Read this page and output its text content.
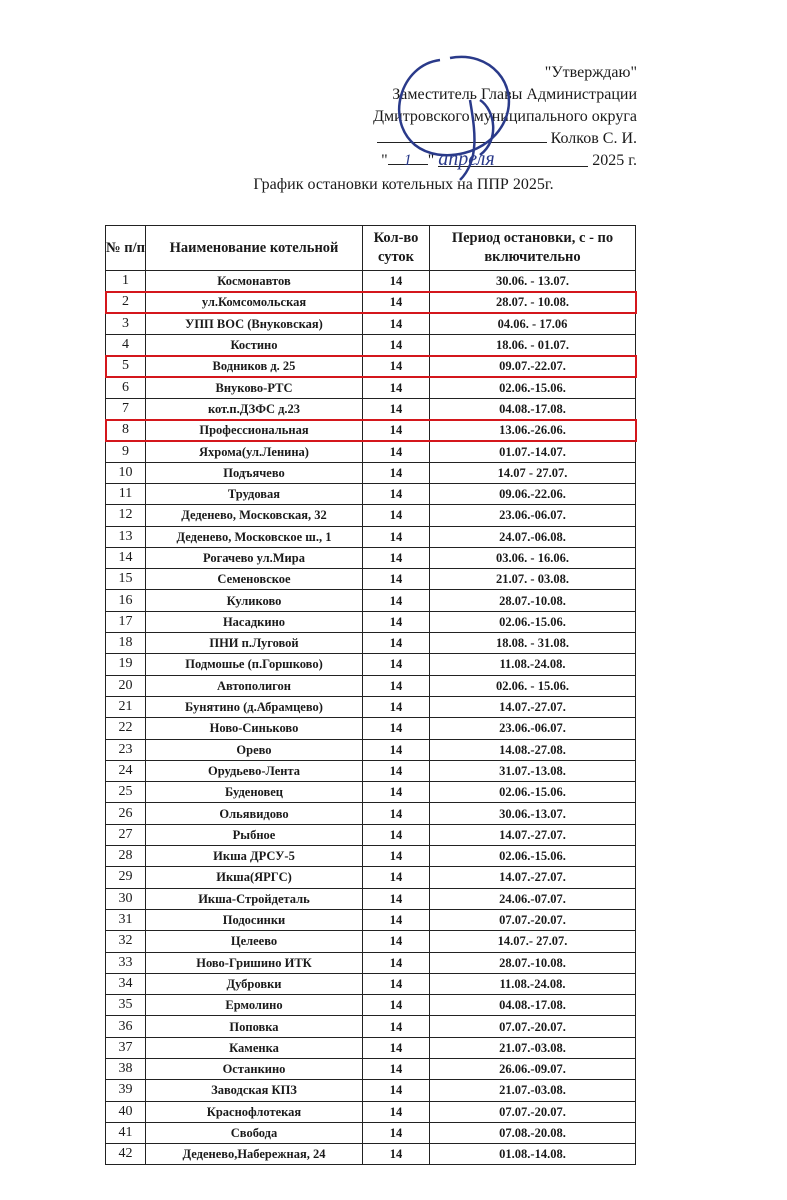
"Утверждаю"
Заместитель Главы Администрации
Дмитровского муниципального округа
Колков С. И.
" 1 " апреля	2025 г.
График остановки котельных на ППР 2025г.
№ п/п	Наименование котельной	Кол-во суток	Период остановки, с - по включительно
1	Космонавтов	14	30.06. - 13.07.
2	ул.Комсомольская	14	28.07. - 10.08.
3	УПП ВОС (Внуковская)	14	04.06. - 17.06
4	Костино	14	18.06. - 01.07.
5	Водников д. 25	14	09.07.-22.07.
6	Внуково-РТС	14	02.06.-15.06.
7	кот.п.ДЗФС д.23	14	04.08.-17.08.
8	Профессиональная	14	13.06.-26.06.
9	Яхрома(ул.Ленина)	14	01.07.-14.07.
10	Подъячево	14	14.07 - 27.07.
11	Трудовая	14	09.06.-22.06.
12	Деденево, Московская, 32	14	23.06.-06.07.
13	Деденево, Московское ш., 1	14	24.07.-06.08.
14	Рогачево ул.Мира	14	03.06. - 16.06.
15	Семеновское	14	21.07. - 03.08.
16	Куликово	14	28.07.-10.08.
17	Насадкино	14	02.06.-15.06.
18	ПНИ п.Луговой	14	18.08. - 31.08.
19	Подмошье (п.Горшково)	14	11.08.-24.08.
20	Автополигон	14	02.06. - 15.06.
21	Бунятино (д.Абрамцево)	14	14.07.-27.07.
22	Ново-Синьково	14	23.06.-06.07.
23	Орево	14	14.08.-27.08.
24	Орудьево-Лента	14	31.07.-13.08.
25	Буденовец	14	02.06.-15.06.
26	Ольявидово	14	30.06.-13.07.
27	Рыбное	14	14.07.-27.07.
28	Икша ДРСУ-5	14	02.06.-15.06.
29	Икша(ЯРГС)	14	14.07.-27.07.
30	Икша-Стройдеталь	14	24.06.-07.07.
31	Подосинки	14	07.07.-20.07.
32	Целеево	14	14.07.- 27.07.
33	Ново-Гришино ИТК	14	28.07.-10.08.
34	Дубровки	14	11.08.-24.08.
35	Ермолино	14	04.08.-17.08.
36	Поповка	14	07.07.-20.07.
37	Каменка	14	21.07.-03.08.
38	Останкино	14	26.06.-09.07.
39	Заводская КПЗ	14	21.07.-03.08.
40	Краснофлотекая	14	07.07.-20.07.
41	Свобода	14	07.08.-20.08.
42	Деденево,Набережная, 24	14	01.08.-14.08.
